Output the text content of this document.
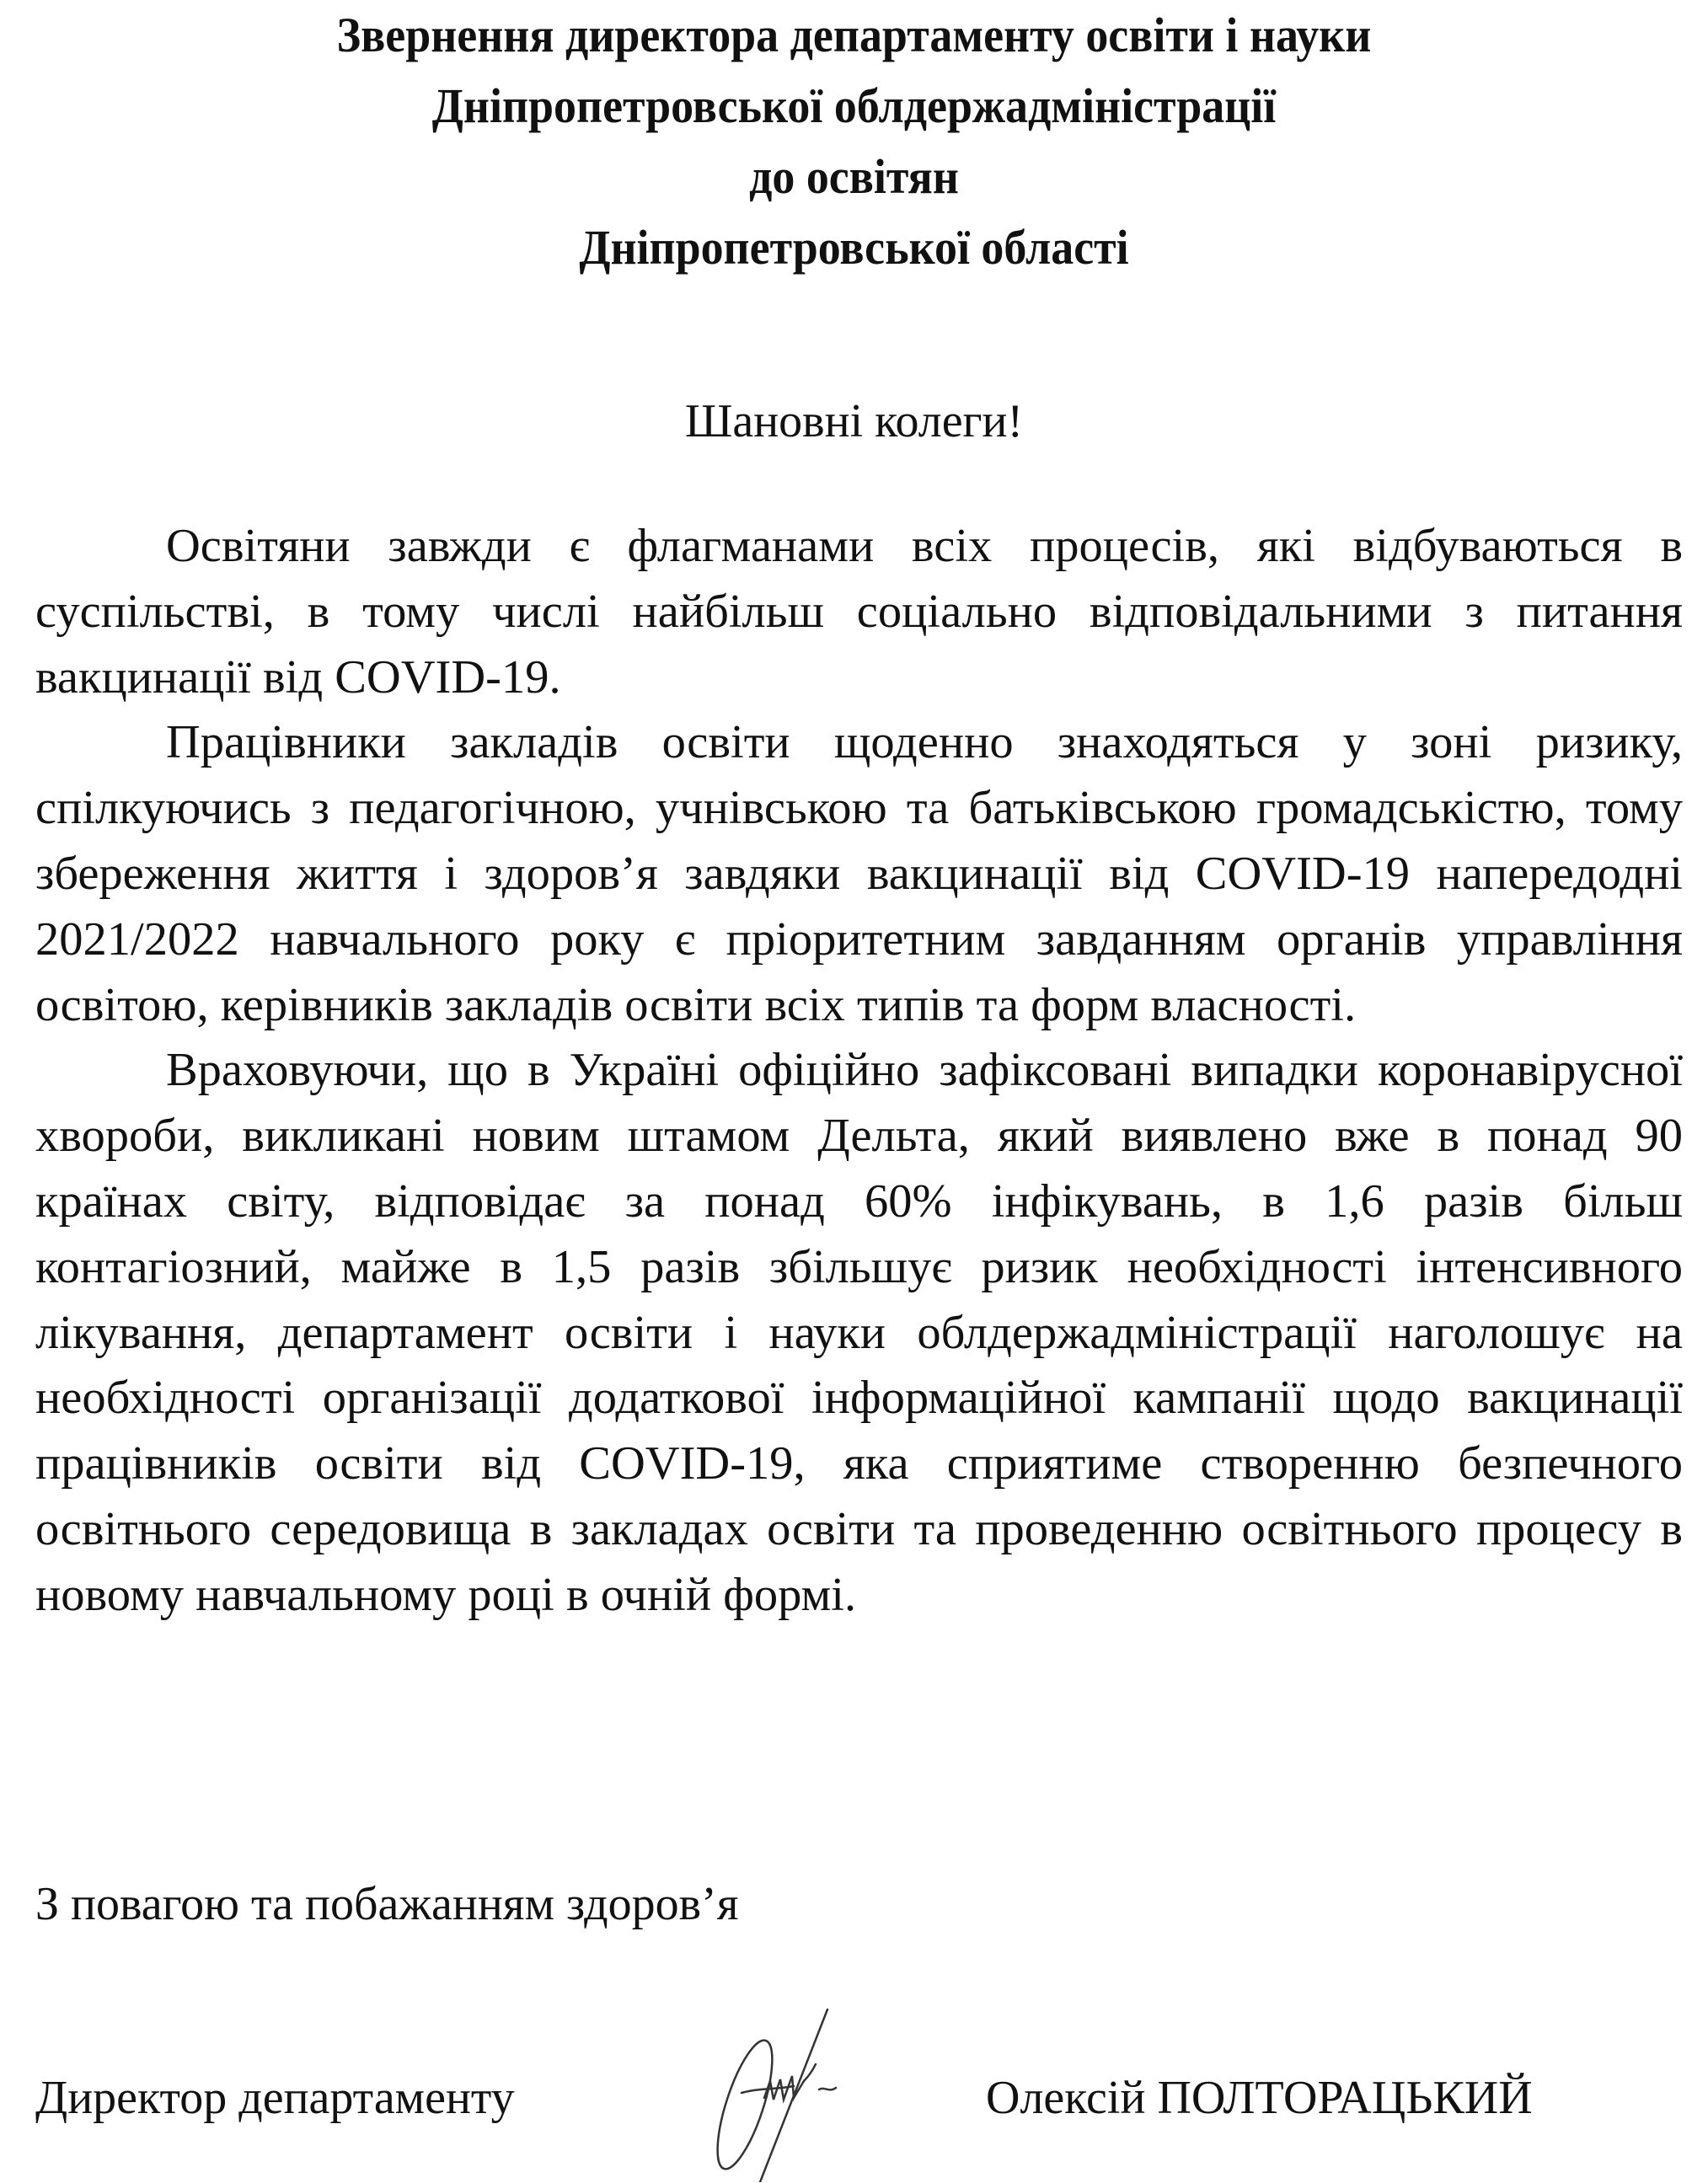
Звернення директора департаменту освіти і науки
Дніпропетровської облдержадміністрації
до освітян
Дніпропетровської області
Шановні колеги!

Освітяни завжди є флагманами всіх процесів, які відбуваються в суспільстві, в тому числі найбільш соціально відповідальними з питання вакцинації від COVID-19.

Працівники закладів освіти щоденно знаходяться у зоні ризику, спілкуючись з педагогічною, учнівською та батьківською громадськістю, тому збереження життя і здоров’я завдяки вакцинації від COVID-19 напередодні 2021/2022 навчального року є пріоритетним завданням органів управління освітою, керівників закладів освіти всіх типів та форм власності.

Враховуючи, що в Україні офіційно зафіксовані випадки коронавірусної хвороби, викликані новим штамом Дельта, який виявлено вже в понад 90 країнах світу, відповідає за понад 60% інфікувань, в 1,6 разів більш контагіозний, майже в 1,5 разів збільшує ризик необхідності інтенсивного лікування, департамент освіти і науки облдержадміністрації наголошує на необхідності організації додаткової інформаційної кампанії щодо вакцинації працівників освіти від COVID-19, яка сприятиме створенню безпечного освітнього середовища в закладах освіти та проведенню освітнього процесу в новому навчальному році в очній формі.

З повагою та побажанням здоров’я
Директор департаменту	Олексій ПОЛТОРАЦЬКИЙ
